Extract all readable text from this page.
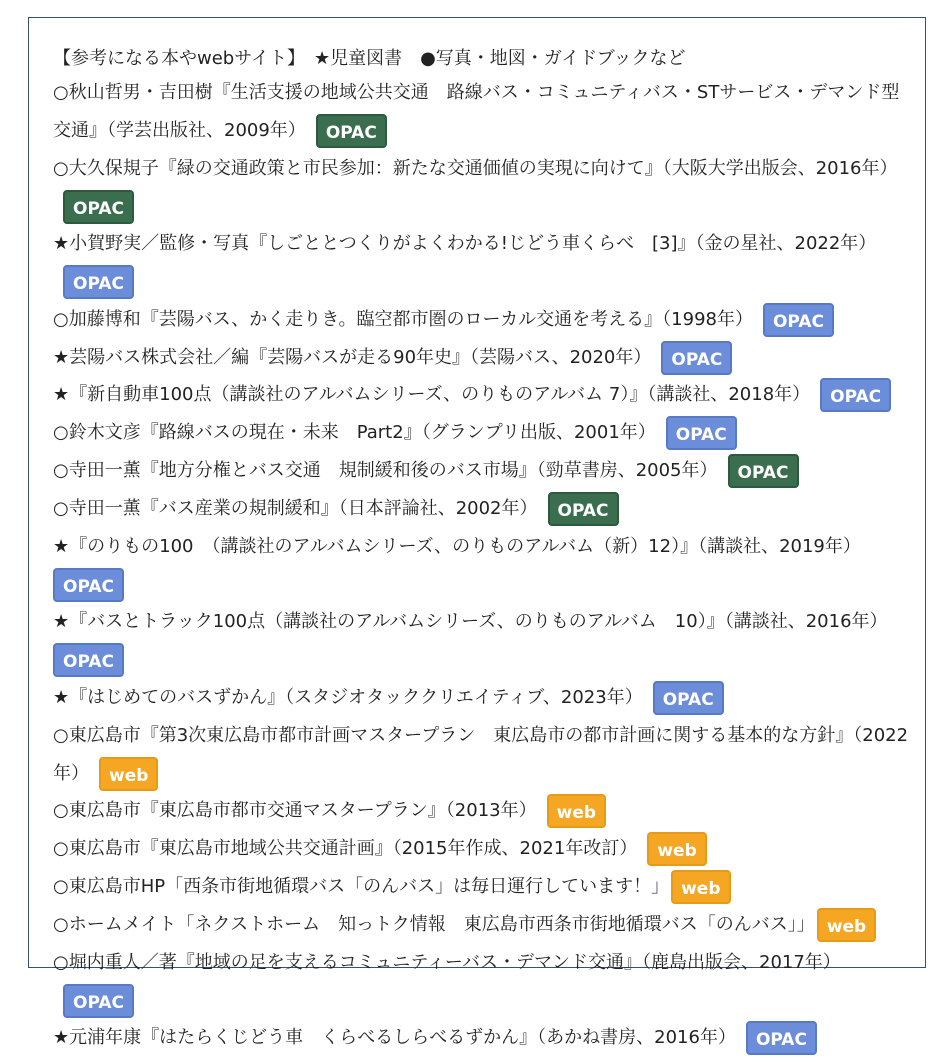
【参考になる本やwebサイト】　★児童図書　●写真・地図・ガイドブックなど
○秋山哲男・吉田樹『生活支援の地域公共交通　路線バス・コミュニティバス・STサービス・デマンド型交通』（学芸出版社、2009年） OPAC
○大久保規子『緑の交通政策と市民参加：新たな交通価値の実現に向けて』（大阪大学出版会、2016年）OPAC
★小賀野実／監修・写真『しごととつくりがよくわかる!じどう車くらべ　[3]』（金の星社、2022年）OPAC
○加藤博和『芸陽バス、かく走りき。臨空都市圏のローカル交通を考える』（1998年） OPAC
★芸陽バス株式会社／編『芸陽バスが走る90年史』（芸陽バス、2020年） OPAC
★『新自動車100点（講談社のアルバムシリーズ、のりものアルバム 7）』（講談社、2018年） OPAC
○鈴木文彦『路線バスの現在・未来　Part2』（グランプリ出版、2001年） OPAC
○寺田一薫『地方分権とバス交通　規制緩和後のバス市場』（勁草書房、2005年） OPAC
○寺田一薫『バス産業の規制緩和』（日本評論社、2002年） OPAC
★『のりもの100　（講談社のアルバムシリーズ、のりものアルバム（新）12）』（講談社、2019年）
OPAC
★『バスとトラック100点（講談社のアルバムシリーズ、のりものアルバム　10）』（講談社、2016年）
OPAC
★『はじめてのバスずかん』（スタジオタッククリエイティブ、2023年） OPAC
○東広島市『第3次東広島市都市計画マスタープラン　東広島市の都市計画に関する基本的な方針』（2022年） web
○東広島市『東広島市都市交通マスタープラン』（2013年） web
○東広島市『東広島市地域公共交通計画』（2015年作成、2021年改訂） web
○東広島市HP「西条市街地循環バス「のんバス」は毎日運行しています！」 web
○ホームメイト「ネクストホーム　知っトク情報　東広島市西条市街地循環バス「のんバス」」 web
○堀内重人／著『地域の足を支えるコミュニティーバス・デマンド交通』（鹿島出版会、2017年）OPAC
★元浦年康『はたらくじどう車　くらべるしらべるずかん』（あかね書房、2016年） OPAC
